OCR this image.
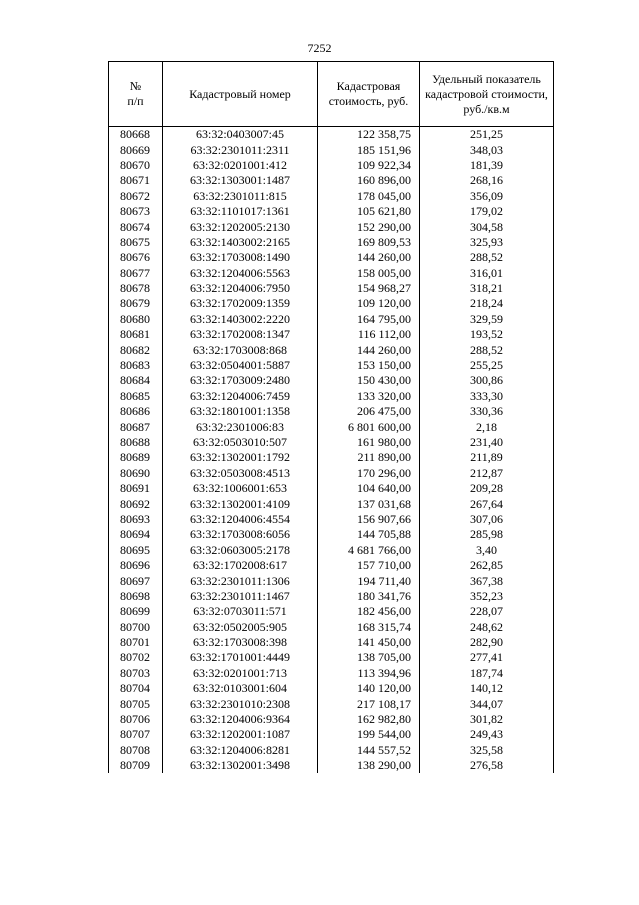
7252
№
п/п	Кадастровый номер	Кадастровая стоимость, руб.	Удельный показатель кадастровой стоимости, руб./кв.м
80668	63:32:0403007:45	122 358,75	251,25
80669	63:32:2301011:2311	185 151,96	348,03
80670	63:32:0201001:412	109 922,34	181,39
80671	63:32:1303001:1487	160 896,00	268,16
80672	63:32:2301011:815	178 045,00	356,09
80673	63:32:1101017:1361	105 621,80	179,02
80674	63:32:1202005:2130	152 290,00	304,58
80675	63:32:1403002:2165	169 809,53	325,93
80676	63:32:1703008:1490	144 260,00	288,52
80677	63:32:1204006:5563	158 005,00	316,01
80678	63:32:1204006:7950	154 968,27	318,21
80679	63:32:1702009:1359	109 120,00	218,24
80680	63:32:1403002:2220	164 795,00	329,59
80681	63:32:1702008:1347	116 112,00	193,52
80682	63:32:1703008:868	144 260,00	288,52
80683	63:32:0504001:5887	153 150,00	255,25
80684	63:32:1703009:2480	150 430,00	300,86
80685	63:32:1204006:7459	133 320,00	333,30
80686	63:32:1801001:1358	206 475,00	330,36
80687	63:32:2301006:83	6 801 600,00	2,18
80688	63:32:0503010:507	161 980,00	231,40
80689	63:32:1302001:1792	211 890,00	211,89
80690	63:32:0503008:4513	170 296,00	212,87
80691	63:32:1006001:653	104 640,00	209,28
80692	63:32:1302001:4109	137 031,68	267,64
80693	63:32:1204006:4554	156 907,66	307,06
80694	63:32:1703008:6056	144 705,88	285,98
80695	63:32:0603005:2178	4 681 766,00	3,40
80696	63:32:1702008:617	157 710,00	262,85
80697	63:32:2301011:1306	194 711,40	367,38
80698	63:32:2301011:1467	180 341,76	352,23
80699	63:32:0703011:571	182 456,00	228,07
80700	63:32:0502005:905	168 315,74	248,62
80701	63:32:1703008:398	141 450,00	282,90
80702	63:32:1701001:4449	138 705,00	277,41
80703	63:32:0201001:713	113 394,96	187,74
80704	63:32:0103001:604	140 120,00	140,12
80705	63:32:2301010:2308	217 108,17	344,07
80706	63:32:1204006:9364	162 982,80	301,82
80707	63:32:1202001:1087	199 544,00	249,43
80708	63:32:1204006:8281	144 557,52	325,58
80709	63:32:1302001:3498	138 290,00	276,58
